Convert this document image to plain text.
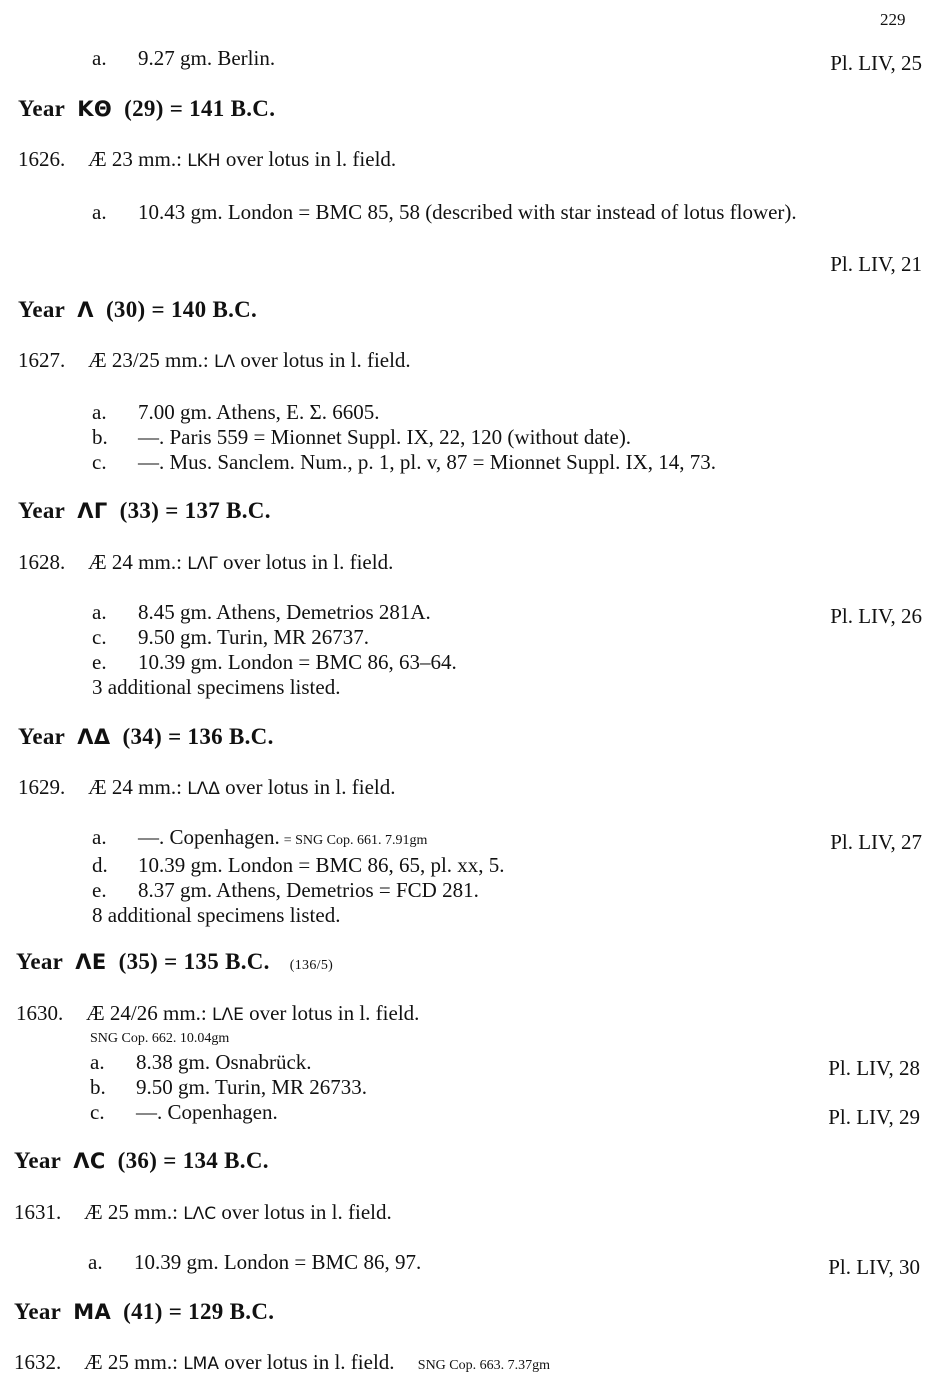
229
a. 9.27 gm. Berlin.	Pl. LIV, 25
Year KΘ (29) = 141 B.C.
1626. Æ 23 mm.: LKH over lotus in l. field.
a.	10.43 gm. London = BMC 85, 58 (described with star instead of lotus flower).
Pl. LIV, 21
Year Λ (30) = 140 B.C.
1627. Æ 23/25 mm.: LΛ over lotus in l. field.
a. 7.00 gm. Athens, E. Σ. 6605.
b. —. Paris 559 = Mionnet Suppl. IX, 22, 120 (without date).
c. —. Mus. Sanclem. Num., p. 1, pl. v, 87 = Mionnet Suppl. IX, 14, 73.
Year ΛΓ (33) = 137 B.C.
1628. Æ 24 mm.: LΛΓ over lotus in l. field.
a. 8.45 gm. Athens, Demetrios 281A.
c. 9.50 gm. Turin, MR 26737.
e. 10.39 gm. London = BMC 86, 63–64.
3 additional specimens listed.
Pl. LIV, 26
Year ΛΔ (34) = 136 B.C.
1629. Æ 24 mm.: LΛΔ over lotus in l. field.
a. —. Copenhagen. = SNG Cop. 661. 7.91gm
d. 10.39 gm. London = BMC 86, 65, pl. xx, 5.
e. 8.37 gm. Athens, Demetrios = FCD 281.
8 additional specimens listed.
Pl. LIV, 27
Year ΛΕ (35) = 135 B.C. (136/5)
1630. Æ 24/26 mm.: LΛE over lotus in l. field.
SNG Cop. 662. 10.04gm
a. 8.38 gm. Osnabrück.
b. 9.50 gm. Turin, MR 26733.
c. —. Copenhagen.
Pl. LIV, 28
Pl. LIV, 29
Year ΛϹ (36) = 134 B.C.
1631. Æ 25 mm.: LΛϹ over lotus in l. field.
a. 10.39 gm. London = BMC 86, 97.	Pl. LIV, 30
Year MA (41) = 129 B.C.
1632. Æ 25 mm.: LMA over lotus in l. field. SNG Cop. 663. 7.37gm
